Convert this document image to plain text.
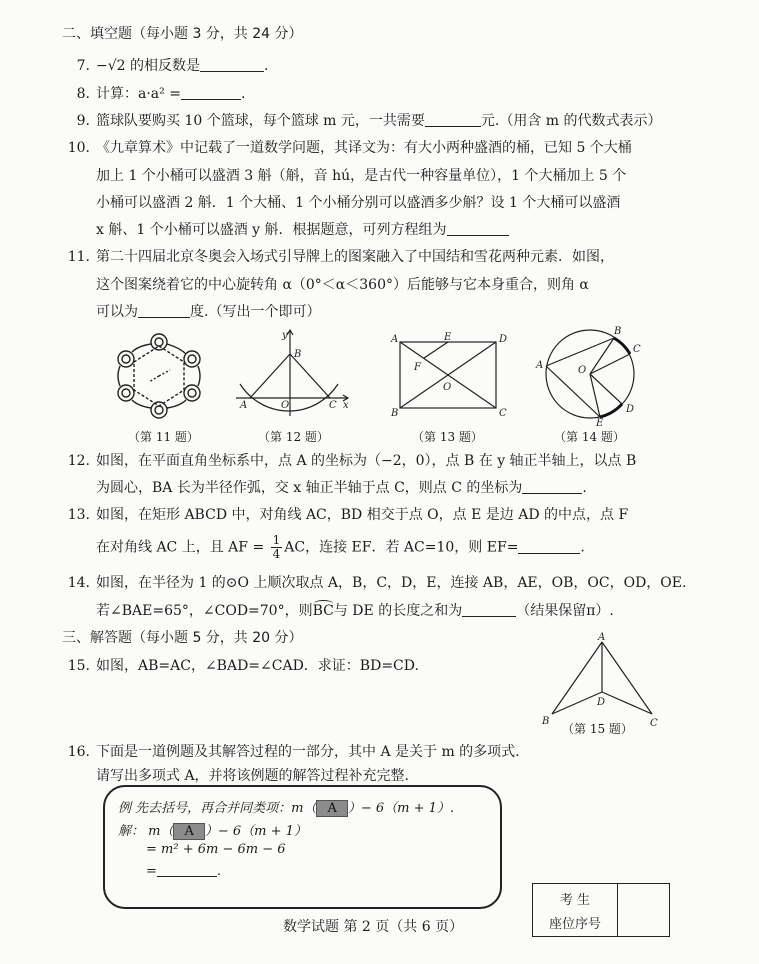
二、填空题（每小题 3 分，共 24 分）
7. −√2 的相反数是	.
8. 计算：a·a² =	.
9. 篮球队要购买 10 个篮球，每个篮球 m 元，一共需要	元.（用含 m 的代数式表示）
10. 《九章算术》中记载了一道数学问题，其译文为：有大小两种盛酒的桶，已知 5 个大桶
加上 1 个小桶可以盛酒 3 斛（斛，音 hú，是古代一种容量单位），1 个大桶加上 5 个
小桶可以盛酒 2 斛．1 个大桶、1 个小桶分别可以盛酒多少斛？设 1 个大桶可以盛酒
x 斛、1 个小桶可以盛酒 y 斛．根据题意，可列方程组为
11. 第二十四届北京冬奥会入场式引导牌上的图案融入了中国结和雪花两种元素．如图，
这个图案绕着它的中心旋转角 α（0°＜α＜360°）后能够与它本身重合，则角 α
可以为	度.（写出一个即可）
（第 11 题）
y
B
A	O	C x
（第 12 题）
A	E	D
F
O
B	C
（第 13 题）
A
B
C
O
D
E
（第 14 题）
12. 如图，在平面直角坐标系中，点 A 的坐标为（−2，0），点 B 在 y 轴正半轴上，以点 B
为圆心，BA 长为半径作弧，交 x 轴正半轴于点 C，则点 C 的坐标为	.
13. 如图，在矩形 ABCD 中，对角线 AC，BD 相交于点 O，点 E 是边 AD 的中点，点 F
在对角线 AC 上，且 AF = $\frac{1}{4}$ AC，连接 EF．若 AC=10，则 EF=	.
14. 如图，在半径为 1 的⊙O 上顺次取点 A，B，C，D，E，连接 AB，AE，OB，OC，OD，OE.
若∠BAE=65°，∠COD=70°，则
BC与 DE 的长度之和为	（结果保留π）.
三、解答题（每小题 5 分，共 20 分）
15. 如图，AB=AC，∠BAD=∠CAD．求证：BD=CD.
A
B	C
D
（第 15 题）
16. 下面是一道例题及其解答过程的一部分，其中 A 是关于 m 的多项式.
请写出多项式 A，并将该例题的解答过程补充完整.
例 先去括号，再合并同类项：m（ A ）− 6（m + 1）.
解： m（ A ）− 6（m + 1）
= m² + 6m − 6m − 6
=	.
考 生
座位序号
数学试题 第 2 页（共 6 页）
